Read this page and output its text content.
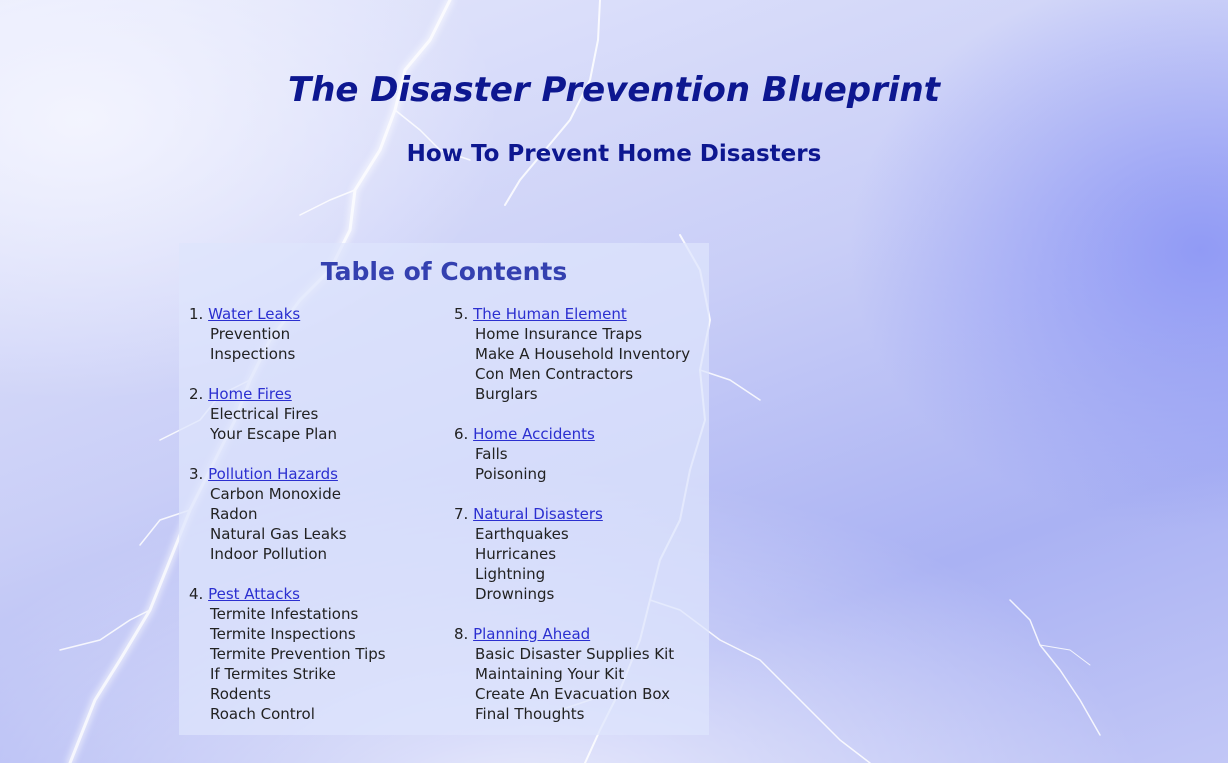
The Disaster Prevention Blueprint
How To Prevent Home Disasters
Table of Contents
1. Water Leaks
Prevention
Inspections
2. Home Fires
Electrical Fires
Your Escape Plan
3. Pollution Hazards
Carbon Monoxide
Radon
Natural Gas Leaks
Indoor Pollution
4. Pest Attacks
Termite Infestations
Termite Inspections
Termite Prevention Tips
If Termites Strike
Rodents
Roach Control
5. The Human Element
Home Insurance Traps
Make A Household Inventory
Con Men Contractors
Burglars
6. Home Accidents
Falls
Poisoning
7. Natural Disasters
Earthquakes
Hurricanes
Lightning
Drownings
8. Planning Ahead
Basic Disaster Supplies Kit
Maintaining Your Kit
Create An Evacuation Box
Final Thoughts
